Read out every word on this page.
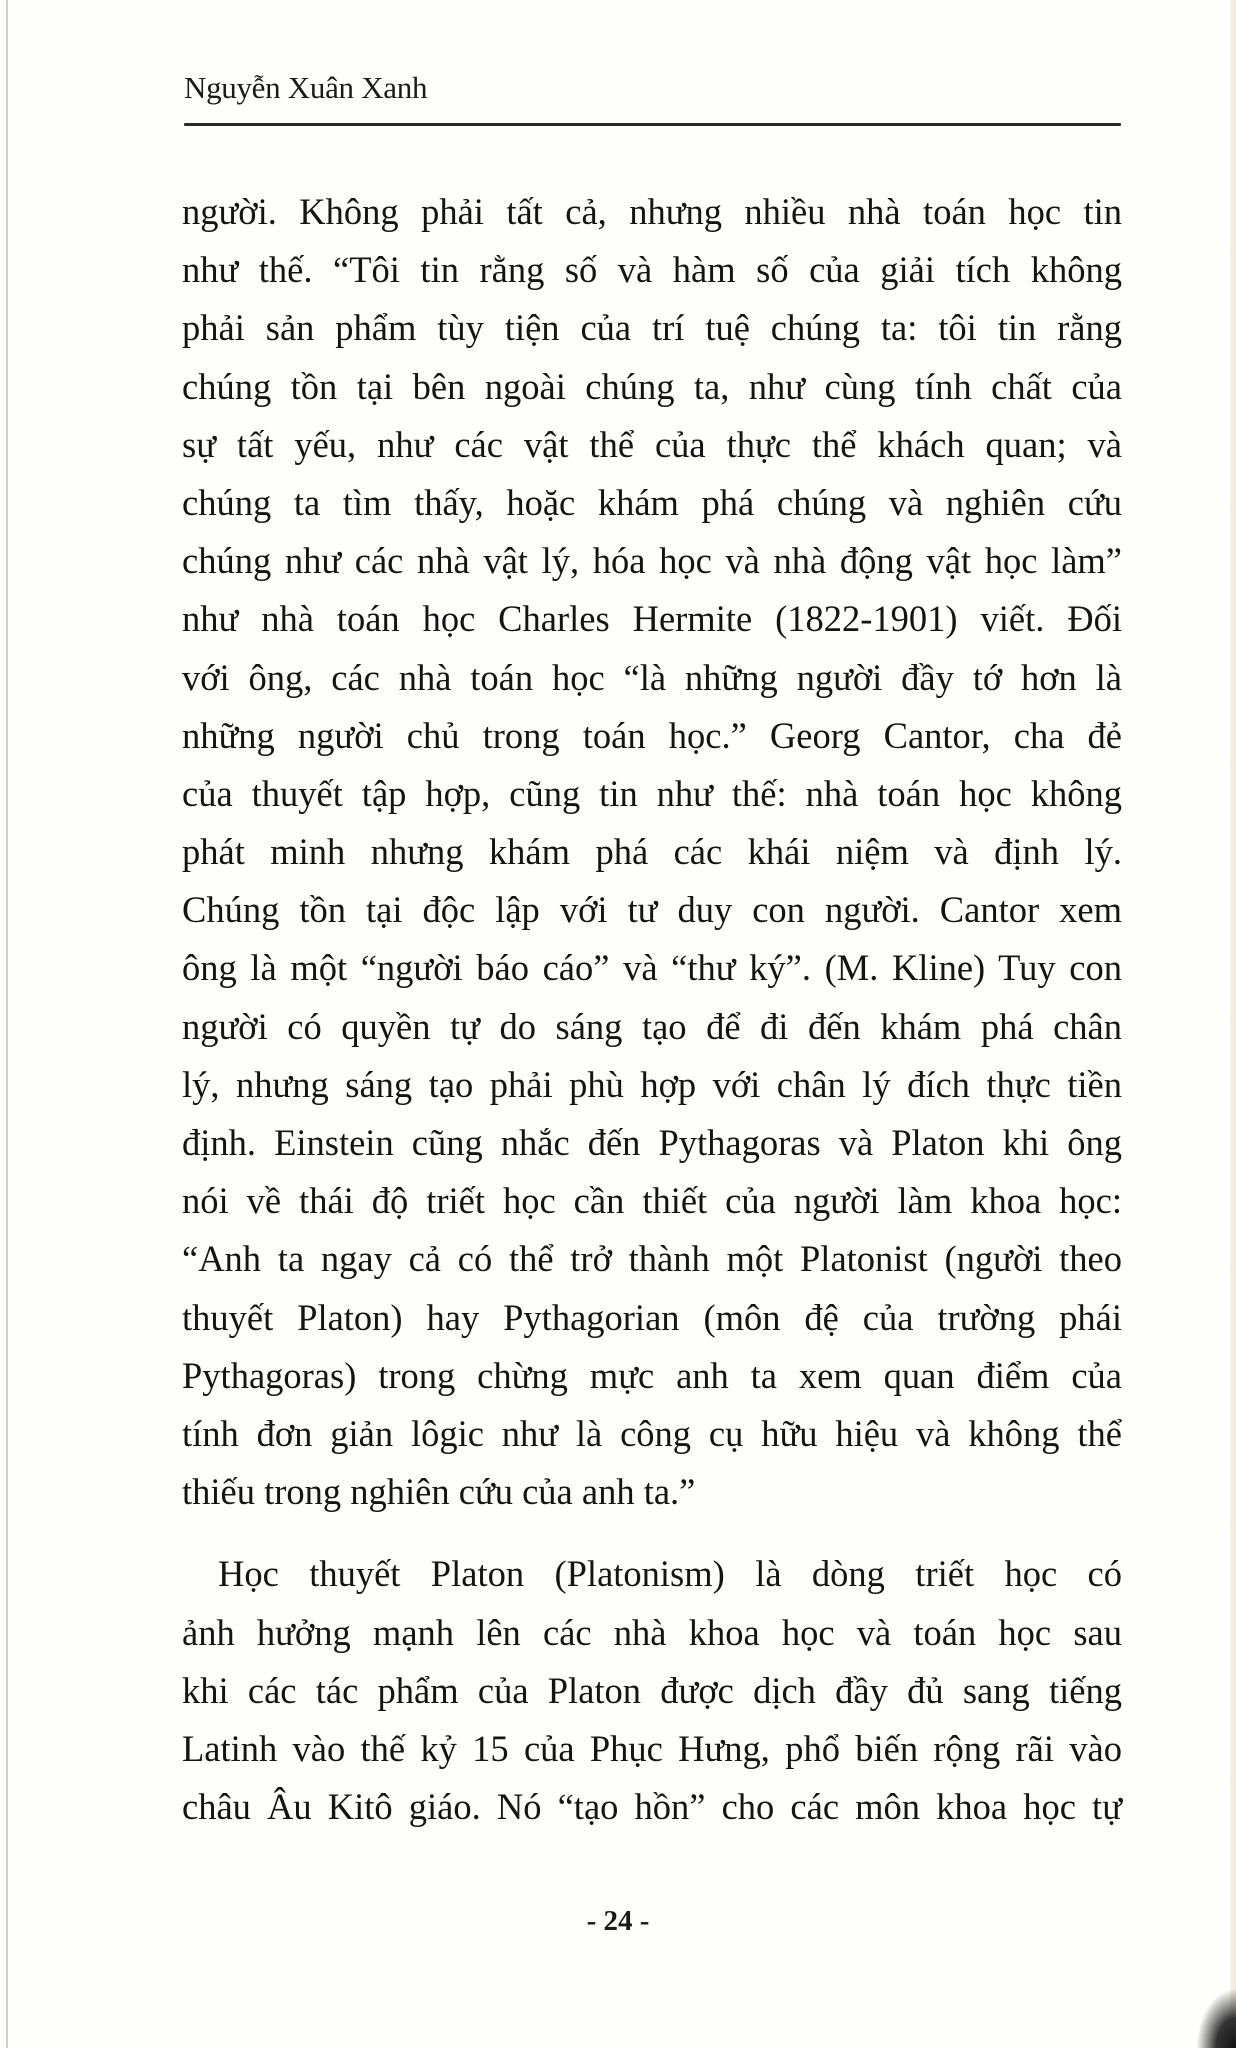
Nguyễn Xuân Xanh
người. Không phải tất cả, nhưng nhiều nhà toán học tin
như thế. “Tôi tin rằng số và hàm số của giải tích không
phải sản phẩm tùy tiện của trí tuệ chúng ta: tôi tin rằng
chúng tồn tại bên ngoài chúng ta, như cùng tính chất của
sự tất yếu, như các vật thể của thực thể khách quan; và
chúng ta tìm thấy, hoặc khám phá chúng và nghiên cứu
chúng như các nhà vật lý, hóa học và nhà động vật học làm”
như nhà toán học Charles Hermite (1822-1901) viết. Đối
với ông, các nhà toán học “là những người đầy tớ hơn là
những người chủ trong toán học.” Georg Cantor, cha đẻ
của thuyết tập hợp, cũng tin như thế: nhà toán học không
phát minh nhưng khám phá các khái niệm và định lý.
Chúng tồn tại độc lập với tư duy con người. Cantor xem
ông là một “người báo cáo” và “thư ký”. (M. Kline) Tuy con
người có quyền tự do sáng tạo để đi đến khám phá chân
lý, nhưng sáng tạo phải phù hợp với chân lý đích thực tiền
định. Einstein cũng nhắc đến Pythagoras và Platon khi ông
nói về thái độ triết học cần thiết của người làm khoa học:
“Anh ta ngay cả có thể trở thành một Platonist (người theo
thuyết Platon) hay Pythagorian (môn đệ của trường phái
Pythagoras) trong chừng mực anh ta xem quan điểm của
tính đơn giản lôgic như là công cụ hữu hiệu và không thể
thiếu trong nghiên cứu của anh ta.”
Học thuyết Platon (Platonism) là dòng triết học có
ảnh hưởng mạnh lên các nhà khoa học và toán học sau
khi các tác phẩm của Platon được dịch đầy đủ sang tiếng
Latinh vào thế kỷ 15 của Phục Hưng, phổ biến rộng rãi vào
châu Âu Kitô giáo. Nó “tạo hồn” cho các môn khoa học tự
- 24 -
